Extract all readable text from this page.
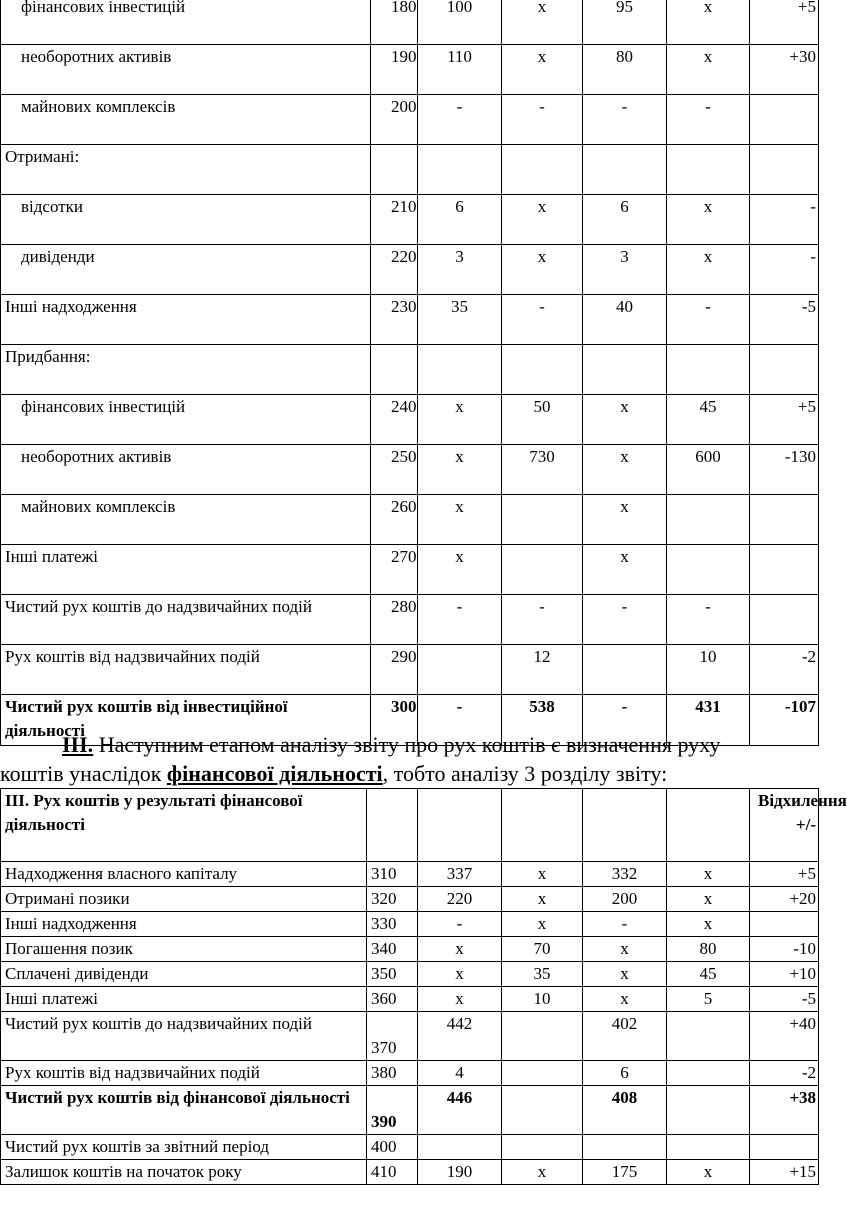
фінансових інвестицій	180	100	х	95	х	+5
необоротних активів	190	110	х	80	х	+30
майнових комплексів	200	-	-	-	-	
Отримані:						
відсотки	210	6	х	6	х	-
дивіденди	220	3	х	3	х	-
Інші надходження	230	35	-	40	-	-5
Придбання:						
фінансових інвестицій	240	х	50	х	45	+5
необоротних активів	250	х	730	х	600	-130
майнових комплексів	260	х		х		
Інші платежі	270	х		х		
Чистий рух коштів до надзвичайних подій	280	-	-	-	-	
Рух коштів від надзвичайних подій	290		12		10	-2
Чистий рух коштів від інвестиційної діяльності	300	-	538	-	431	-107

ІІІ. Наступним етапом аналізу звіту про рух коштів є визначення руху
коштів унаслідок фінансової діяльності, тобто аналізу 3 розділу звіту:

ІІІ. Рух коштів у результаті фінансової діяльності						Відхилення +/-
Надходження власного капіталу	310	337	х	332	х	+5
Отримані позики	320	220	х	200	х	+20
Інші надходження	330	-	х	-	х	
Погашення позик	340	х	70	х	80	-10
Сплачені дивіденди	350	х	35	х	45	+10
Інші платежі	360	х	10	х	5	-5
Чистий рух коштів до надзвичайних подій	370	442		402		+40
Рух коштів від надзвичайних подій	380	4		6		-2
Чистий рух коштів від фінансової діяльності	390	446		408		+38
Чистий рух коштів за звітний період	400					
Залишок коштів на початок року	410	190	х	175	х	+15
